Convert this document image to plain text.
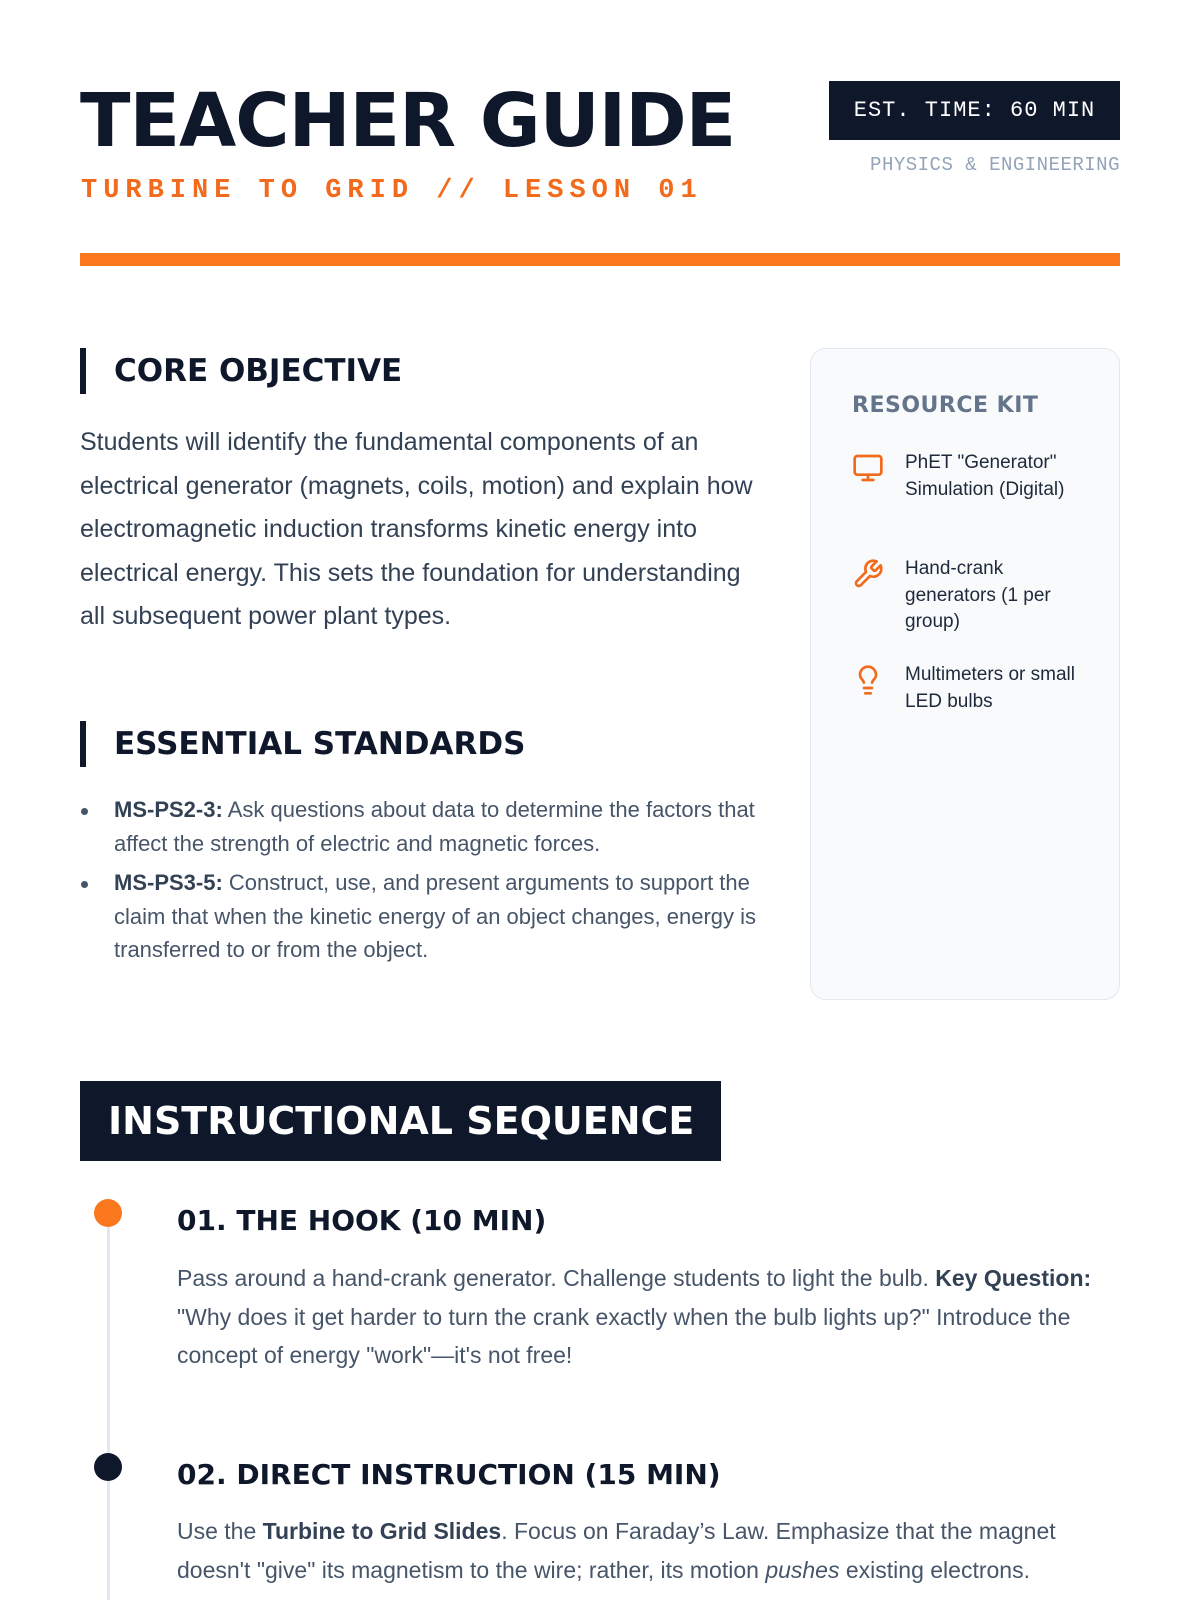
TEACHER GUIDE
TURBINE TO GRID // LESSON 01
EST. TIME: 60 MIN
PHYSICS & ENGINEERING
CORE OBJECTIVE

Students will identify the fundamental components of an electrical generator (magnets, coils, motion) and explain how electromagnetic induction transforms kinetic energy into electrical energy. This sets the foundation for understanding all subsequent power plant types.

ESSENTIAL STANDARDS
MS-PS2-3: Ask questions about data to determine the factors that affect the strength of electric and magnetic forces.
MS-PS3-5: Construct, use, and present arguments to support the claim that when the kinetic energy of an object changes, energy is transferred to or from the object.
RESOURCE KIT
PhET "Generator" Simulation (Digital)
Hand-crank generators (1 per group)
Multimeters or small LED bulbs
INSTRUCTIONAL SEQUENCE
01. THE HOOK (10 MIN)

Pass around a hand-crank generator. Challenge students to light the bulb. Key Question: "Why does it get harder to turn the crank exactly when the bulb lights up?" Introduce the concept of energy "work"—it's not free!

02. DIRECT INSTRUCTION (15 MIN)

Use the Turbine to Grid Slides. Focus on Faraday’s Law. Emphasize that the magnet doesn't "give" its magnetism to the wire; rather, its motion pushes existing electrons.
